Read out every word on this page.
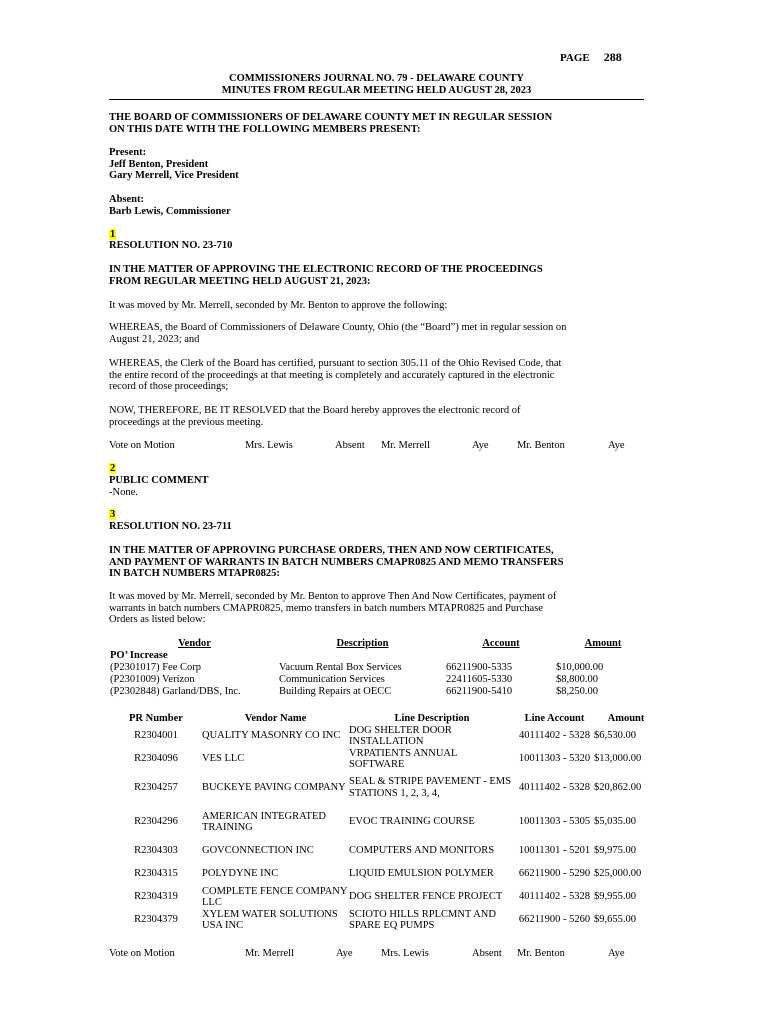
PAGE 288
COMMISSIONERS JOURNAL NO. 79 - DELAWARE COUNTY
MINUTES FROM REGULAR MEETING HELD AUGUST 28, 2023
THE BOARD OF COMMISSIONERS OF DELAWARE COUNTY MET IN REGULAR SESSION
ON THIS DATE WITH THE FOLLOWING MEMBERS PRESENT:
Present:
Jeff Benton, President
Gary Merrell, Vice President
Absent:
Barb Lewis, Commissioner
1
RESOLUTION NO. 23-710
IN THE MATTER OF APPROVING THE ELECTRONIC RECORD OF THE PROCEEDINGS
FROM REGULAR MEETING HELD AUGUST 21, 2023:
It was moved by Mr. Merrell, seconded by Mr. Benton to approve the following:
WHEREAS, the Board of Commissioners of Delaware County, Ohio (the “Board”) met in regular session on
August 21, 2023; and
WHEREAS, the Clerk of the Board has certified, pursuant to section 305.11 of the Ohio Revised Code, that
the entire record of the proceedings at that meeting is completely and accurately captured in the electronic
record of those proceedings;
NOW, THEREFORE, BE IT RESOLVED that the Board hereby approves the electronic record of
proceedings at the previous meeting.
Vote on Motion	Mrs. Lewis	Absent Mr. Merrell	Aye	Mr. Benton	Aye
2
PUBLIC COMMENT
-None.
3
RESOLUTION NO. 23-711
IN THE MATTER OF APPROVING PURCHASE ORDERS, THEN AND NOW CERTIFICATES,
AND PAYMENT OF WARRANTS IN BATCH NUMBERS CMAPR0825 AND MEMO TRANSFERS
IN BATCH NUMBERS MTAPR0825:
It was moved by Mr. Merrell, seconded by Mr. Benton to approve Then And Now Certificates, payment of
warrants in batch numbers CMAPR0825, memo transfers in batch numbers MTAPR0825 and Purchase
Orders as listed below:
Vendor	Description	Account	Amount
PO’ Increase			
(P2301017) Fee Corp	Vacuum Rental Box Services	66211900-5335	$10,000.00
(P2301009) Verizon	Communication Services	22411605-5330	$8,800.00
(P2302848) Garland/DBS, Inc.	Building Repairs at OECC	66211900-5410	$8,250.00
PR Number	Vendor Name	Line Description	Line Account	Amount
R2304001	QUALITY MASONRY CO INC	DOG SHELTER DOOR INSTALLATION	40111402 - 5328	$6,530.00
R2304096	VES LLC	VRPATIENTS ANNUAL SOFTWARE	10011303 - 5320	$13,000.00
R2304257	BUCKEYE PAVING COMPANY	SEAL & STRIPE PAVEMENT - EMS STATIONS 1, 2, 3, 4,	40111402 - 5328	$20,862.00
R2304296	AMERICAN INTEGRATED TRAINING	EVOC TRAINING COURSE	10011303 - 5305	$5,035.00
R2304303	GOVCONNECTION INC	COMPUTERS AND MONITORS	10011301 - 5201	$9,975.00
R2304315	POLYDYNE INC	LIQUID EMULSION POLYMER	66211900 - 5290	$25,000.00
R2304319	COMPLETE FENCE COMPANY LLC	DOG SHELTER FENCE PROJECT	40111402 - 5328	$9,955.00
R2304379	XYLEM WATER SOLUTIONS USA INC	SCIOTO HILLS RPLCMNT AND SPARE EQ PUMPS	66211900 - 5260	$9,655.00
Vote on Motion	Mr. Merrell	Aye	Mrs. Lewis	Absent Mr. Benton	Aye
